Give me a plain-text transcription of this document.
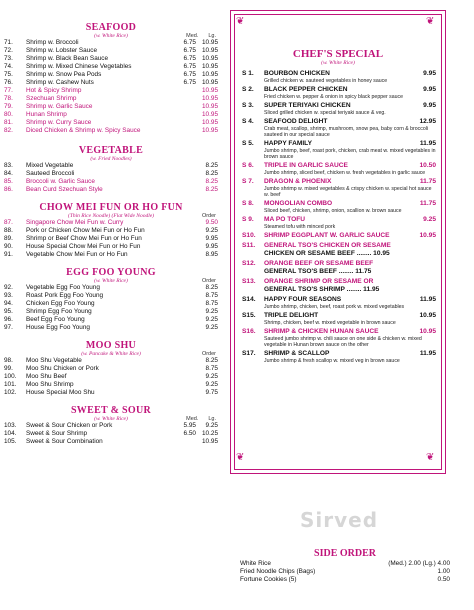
SEAFOOD
(w. White Rice)	Med. Lg.
71.	Shrimp w. Broccoli	6.75 10.95
72.	Shrimp w. Lobster Sauce	6.75 10.95
73.	Shrimp w. Black Bean Sauce	6.75 10.95
74.	Shrimp w. Mixed Chinese Vegetables	6.75 10.95
75.	Shrimp w. Snow Pea Pods	6.75 10.95
76.	Shrimp w. Cashew Nuts	6.75 10.95
77.	Hot & Spicy Shrimp	10.95
78.	Szechuan Shrimp	10.95
79.	Shrimp w. Garlic Sauce	10.95
80.	Hunan Shrimp	10.95
81.	Shrimp w. Curry Sauce	10.95
82.	Diced Chicken & Shrimp w. Spicy Sauce	10.95
VEGETABLE
(w. Fried Noodles)
83.	Mixed Vegetable	8.25
84.	Sauteed Broccoli	8.25
85.	Broccoli w. Garlic Sauce	8.25
86.	Bean Curd Szechuan Style	8.25
CHOW MEI FUN OR HO FUN
(Thin Rice Noodle) (Flat Wide Noodle)	Order
87.	Singapore Chow Mei Fun w. Curry	9.50
88.	Pork or Chicken Chow Mei Fun or Ho Fun	9.25
89.	Shrimp or Beef Chow Mei Fun or Ho Fun	9.95
90.	House Special Chow Mei Fun or Ho Fun	9.95
91.	Vegetable Chow Mei Fun or Ho Fun	8.95
EGG FOO YOUNG
(w. White Rice)	Order
92.	Vegetable Egg Foo Young	8.25
93.	Roast Pork Egg Foo Young	8.75
94.	Chicken Egg Foo Young	8.75
95.	Shrimp Egg Foo Young	9.25
96.	Beef Egg Foo Young	9.25
97.	House Egg Foo Young	9.25
MOO SHU
(w. Pancake & White Rice)	Order
98.	Moo Shu Vegetable	8.25
99.	Moo Shu Chicken or Pork	8.75
100.	Moo Shu Beef	9.25
101.	Moo Shu Shrimp	9.25
102.	House Special Moo Shu	9.75
SWEET & SOUR
(w. White Rice)	Med. Lg.
103.	Sweet & Sour Chicken or Pork	5.95	9.25
104.	Sweet & Sour Shrimp	6.50 10.25
105.	Sweet & Sour Combination	10.95
❦	❦
❦	❦
CHEF'S SPECIAL
(w. White Rice)
S 1.	BOURBON CHICKEN	9.95
Grilled chicken w. sauteed vegetables in honey sauce
S 2.	BLACK PEPPER CHICKEN	9.95
Fried chicken w. pepper & onion in spicy black pepper sauce
S 3.	SUPER TERIYAKI CHICKEN	9.95
Sliced grilled chicken w. special teriyaki sauce & veg.
S 4.	SEAFOOD DELIGHT	12.95
Crab meat, scallop, shrimp, mushroom, snow pea, baby corn & broccoli sauteed in our special sauce
S 5.	HAPPY FAMILY	11.95
Jumbo shrimp, beef, roast pork, chicken, crab meat w. mixed vegetables in brown sauce
S 6.	TRIPLE IN GARLIC SAUCE	10.50
Jumbo shrimp, sliced beef, chicken w. fresh vegetables in garlic sauce
S 7.	DRAGON & PHOENIX	11.75
Jumbo shrimp w. mixed vegetables & crispy chicken w. special hot sauce w. beef
S 8.	MONGOLIAN COMBO	11.75
Sliced beef, chicken, shrimp, onion, scallion w. brown sauce
S 9.	MA PO TOFU	9.25
Steamed tofu with minced pork
S10.	SHRIMP EGGPLANT W. GARLIC SAUCE	10.95
S11.	GENERAL TSO'S CHICKEN OR SESAME
CHICKEN OR SESAME BEEF ........ 10.95
S12.	ORANGE BEEF OR SESAME BEEF
GENERAL TSO'S BEEF ........ 11.75
S13.	ORANGE SHRIMP OR SESAME OR
GENERAL TSO'S SHRIMP ........ 11.95
S14.	HAPPY FOUR SEASONS	11.95
Jumbo shrimp, chicken, beef, roast pork w. mixed vegetables
S15.	TRIPLE DELIGHT	10.95
Shrimp, chicken, beef w. mixed vegetable in brown sauce
S16.	SHRIMP & CHICKEN HUNAN SAUCE	10.95
Sauteed jumbo shrimp w. chili sauce on one side & chicken w. mixed vegetable in Hunan brown sauce on the other
S17.	SHRIMP & SCALLOP	11.95
Jumbo shrimp & fresh scallop w. mixed veg in brown sauce
Sirved
SIDE ORDER
White Rice	(Med.) 2.00 (Lg.) 4.00
Fried Noodle Chips (Bags)	1.00
Fortune Cookies (5)	0.50
